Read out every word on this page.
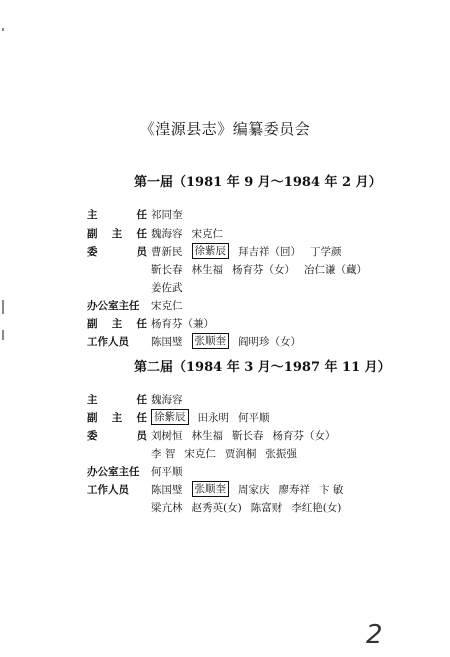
《湟源县志》编纂委员会
第一届（1981 年 9 月～1984 年 2 月）
主	任 祁同奎
副 主 任 魏海容 宋克仁
委	员 曹新民 徐紫辰 拜吉祥（回） 丁学颜
靳长春 林生福 杨育芬（女） 冶仁谦（藏）
姜佐武
办公室主任	宋克仁
副 主 任 杨育芬（兼）
工作人员	陈国璧 张顺奎 阎明珍（女）
第二届（1984 年 3 月～1987 年 11 月）
主	任 魏海容
副 主 任 徐紫辰 田永明 何平顺
委	员 刘树恒 林生福 靳长春 杨育芬（女）
李 智 宋克仁 贾润桐 张振强
办公室主任	何平顺
工作人员	陈国璧 张顺奎 周家庆 廖寿祥 卞 敏
梁亢林 赵秀英(女) 陈富财 李红艳(女)
2
